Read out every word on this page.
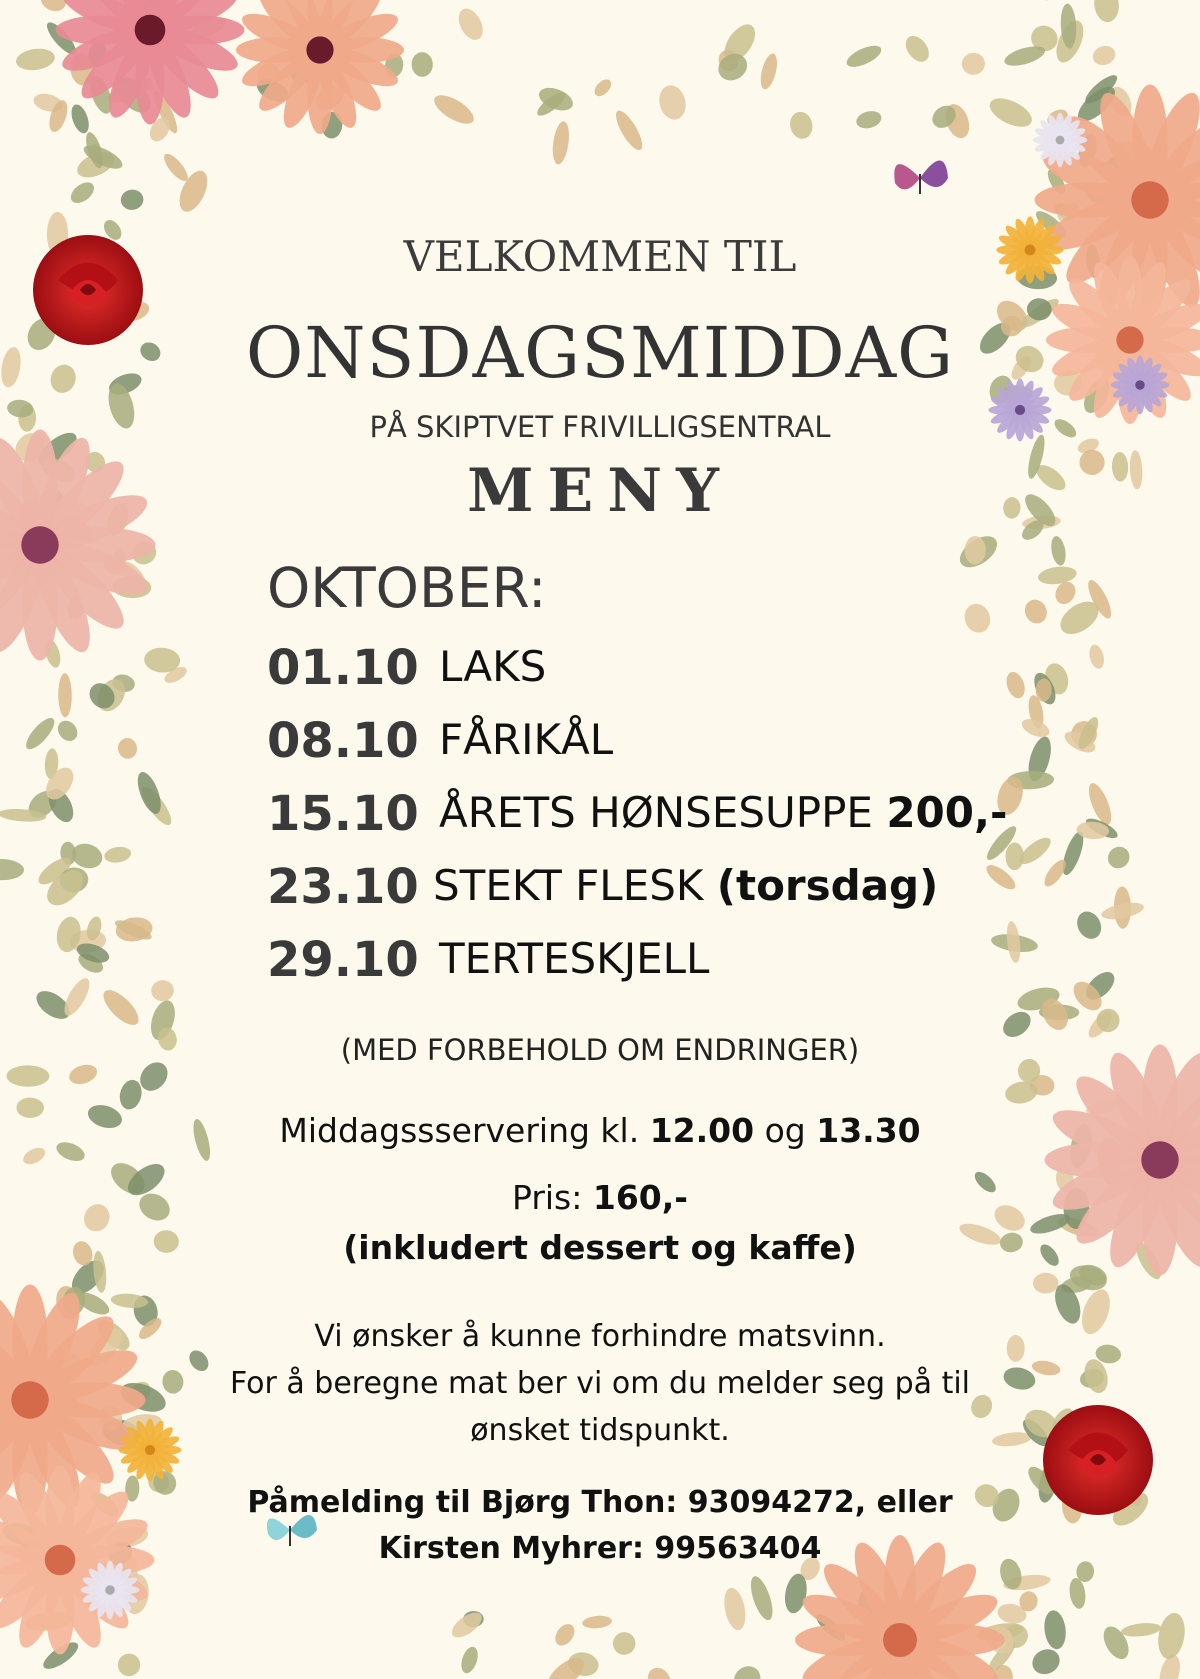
VELKOMMEN TIL
ONSDAGSMIDDAG
PÅ SKIPTVET FRIVILLIGSENTRAL
MENY
OKTOBER:
01.10 LAKS
08.10 FÅRIKÅL
15.10 ÅRETS HØNSESUPPE 200,-
23.10 STEKT FLESK (torsdag)
29.10 TERTESKJELL
(MED FORBEHOLD OM ENDRINGER)
Middagssservering kl. 12.00 og 13.30
Pris: 160,-
(inkludert dessert og kaffe)
Vi ønsker å kunne forhindre matsvinn.
For å beregne mat ber vi om du melder seg på til
ønsket tidspunkt.
Påmelding til Bjørg Thon: 93094272, eller
Kirsten Myhrer: 99563404
